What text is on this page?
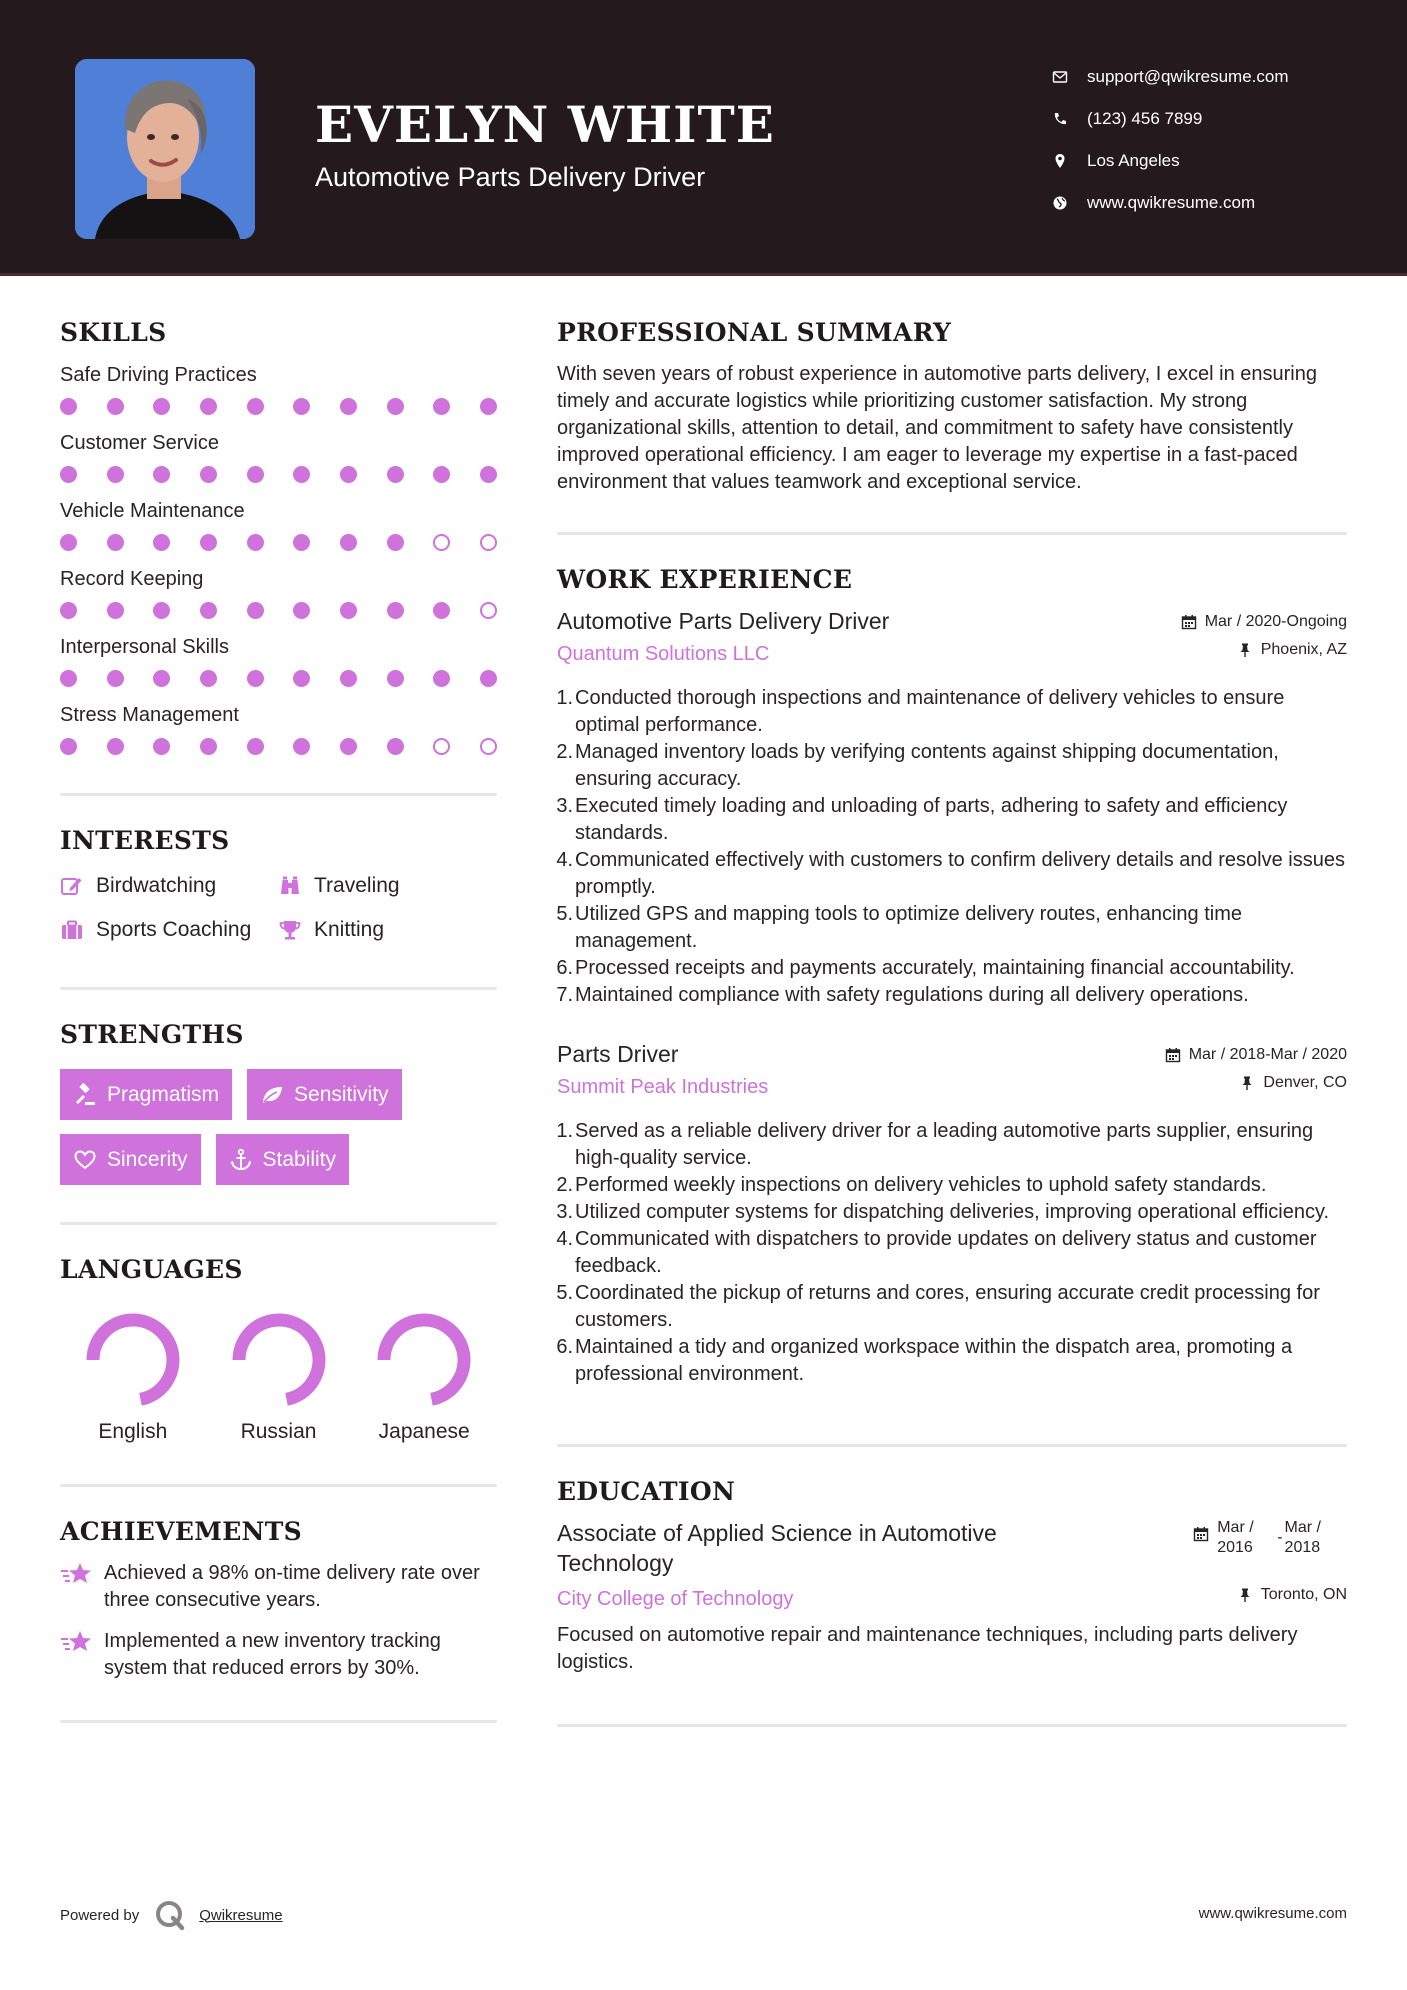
EVELYN WHITE
Automotive Parts Delivery Driver
support@qwikresume.com
(123) 456 7899
Los Angeles
www.qwikresume.com
SKILLS
Safe Driving Practices
Customer Service
Vehicle Maintenance
Record Keeping
Interpersonal Skills
Stress Management
INTERESTS
Birdwatching	Traveling
Sports Coaching	Knitting
STRENGTHS
Pragmatism	Sensitivity
Sincerity	Stability
LANGUAGES
English	Russian	Japanese
ACHIEVEMENTS
Achieved a 98% on-time delivery rate over three consecutive years.
Implemented a new inventory tracking system that reduced errors by 30%.
PROFESSIONAL SUMMARY
With seven years of robust experience in automotive parts delivery, I excel in ensuring timely and accurate logistics while prioritizing customer satisfaction. My strong organizational skills, attention to detail, and commitment to safety have consistently improved operational efficiency. I am eager to leverage my expertise in a fast-paced environment that values teamwork and exceptional service.
WORK EXPERIENCE
Automotive Parts Delivery Driver	Mar / 2020-Ongoing
Quantum Solutions LLC	Phoenix, AZ
Conducted thorough inspections and maintenance of delivery vehicles to ensure optimal performance.
Managed inventory loads by verifying contents against shipping documentation, ensuring accuracy.
Executed timely loading and unloading of parts, adhering to safety and efficiency standards.
Communicated effectively with customers to confirm delivery details and resolve issues promptly.
Utilized GPS and mapping tools to optimize delivery routes, enhancing time management.
Processed receipts and payments accurately, maintaining financial accountability.
Maintained compliance with safety regulations during all delivery operations.
Parts Driver	Mar / 2018-Mar / 2020
Summit Peak Industries	Denver, CO
Served as a reliable delivery driver for a leading automotive parts supplier, ensuring high-quality service.
Performed weekly inspections on delivery vehicles to uphold safety standards.
Utilized computer systems for dispatching deliveries, improving operational efficiency.
Communicated with dispatchers to provide updates on delivery status and customer feedback.
Coordinated the pickup of returns and cores, ensuring accurate credit processing for customers.
Maintained a tidy and organized workspace within the dispatch area, promoting a professional environment.
EDUCATION
Associate of Applied Science in Automotive Technology
Mar /
2016
-
Mar /
2018
City College of Technology	Toronto, ON
Focused on automotive repair and maintenance techniques, including parts delivery logistics.
Powered by	Qwikresume	www.qwikresume.com
